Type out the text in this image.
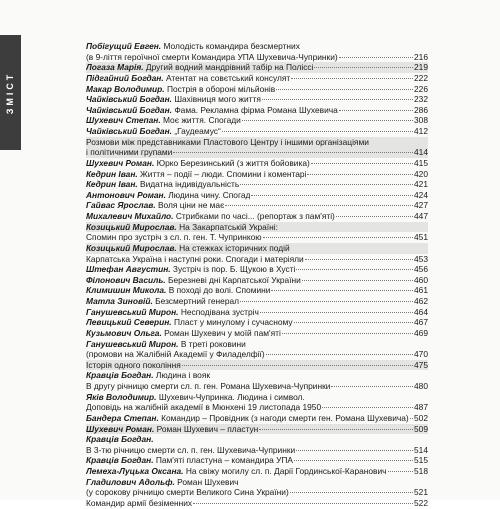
ЗМІСТ
Побігущий Евген. Молодість командира безсмертних
(в 9-ліття героїчної смерти Командира УПА Шухевича-Чупринки)	216
Логаза Марія. Другий водний мандрівний табір на Поліссі	219
Підгайний Богдан. Атентат на совєтський консулят	222
Макар Володимир. Пострія в обороні мільйонів	226
Чайківський Богдан. Шахівниця мого життя	232
Чайківський Богдан. Фама. Рекламна фірма Романа Шухевича	286
Шухевич Степан. Моє життя. Спогади	308
Чайківський Богдан. „Гаудеамус“	412
Розмови між представниками Пластового Центру і іншими організаціями
і політичними групами	414
Шухевич Роман. Юрко Березинський (з життя бойовика)	415
Кедрин Іван. Життя – події – люди. Спомини і коментарі	420
Кедрин Іван. Видатна індивідуальність	421
Антонович Роман. Людина чину. Спогад	424
Гайвас Ярослав. Воля ціни не має	427
Михалевич Михайло. Стрибками по часі... (репортаж з пам'яті)	447
Козицький Мирослав. На Закарпатській Україні:
Спомин про зустріч з сл. п. ген. Т. Чупринкою	451
Козицький Мирослав. На стежках історичних подій
Карпатська Україна і наступні роки. Спогади і матеріяли	453
Штефан Августин. Зустріч із пор. Б. Щукою в Хусті	456
Філонович Василь. Березневі дні Карпатської України	460
Климишин Микола. В поході до волі. Спомини	461
Матла Зиновій. Безсмертний генерал	462
Ганушевський Мирон. Несподівана зустріч	464
Левицький Северин. Пласт у минулому і сучасному	467
Кузьмович Ольга. Роман Шухевич у моїй пам'яті	469
Ганушевський Мирон. В треті роковини
(промови на Жалібній Академії у Филаделфії)	470
Історія одного покоління	475
Кравців Богдан. Людина і вояк
В другу річницю смерти сл. п. ген. Романа Шухевича-Чупринки	480
Яків Володимир. Шухевич-Чупринка. Людина і символ.
Доповідь на жалібній академії в Мюнхені 19 листопада 1950	487
Бандера Степан. Командир – Провідник (з нагоди смерти ген. Романа Шухевича) 502
Шухевич Роман. Роман Шухевич – пластун	509
Кравців Богдан.
В 3-тю річницю смерти сл. п. ген. Шухевича-Чупринки	514
Кравців Богдан. Пам'яті пластуна – командира УПА	515
Лемеха-Луцька Оксана. На свіжу могилу сл. п. Дарії Гординської-Каранович	518
Гладилович Адольф. Роман Шухевич
(у сорокову річницю смерти Великого Сина України)	521
Командир армії безіменних	522
